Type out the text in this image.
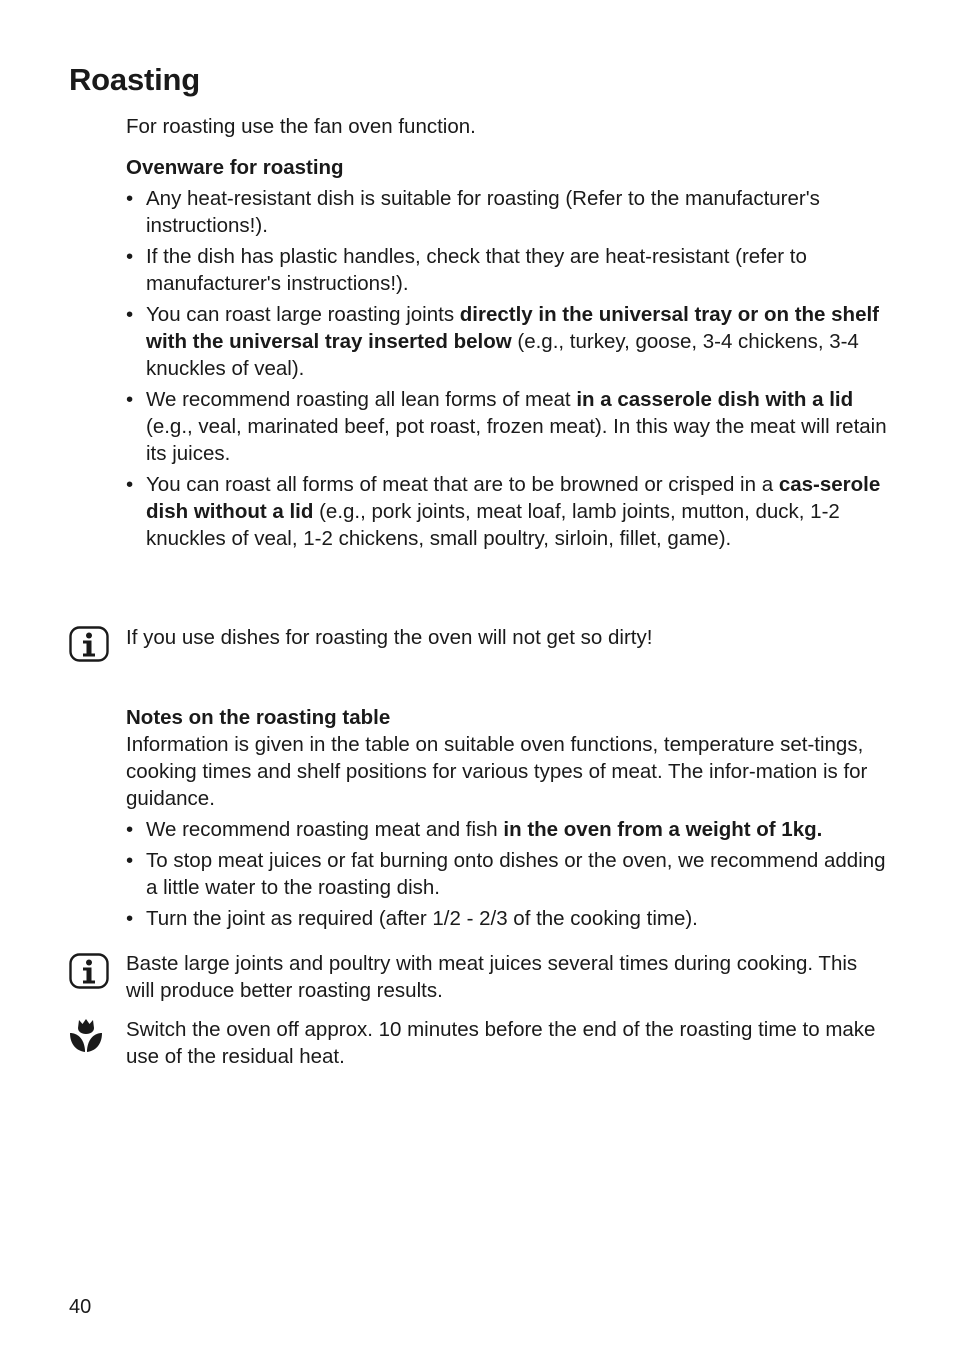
Roasting

For roasting use the fan oven function.

Ovenware for roasting

• Any heat-resistant dish is suitable for roasting (Refer to the manufacturer's instructions!).
• If the dish has plastic handles, check that they are heat-resistant (refer to manufacturer's instructions!).
• You can roast large roasting joints directly in the universal tray or on the shelf with the universal tray inserted below (e.g., turkey, goose, 3-4 chickens, 3-4 knuckles of veal).
• We recommend roasting all lean forms of meat in a casserole dish with a lid (e.g., veal, marinated beef, pot roast, frozen meat). In this way the meat will retain its juices.
• You can roast all forms of meat that are to be browned or crisped in a cas-serole dish without a lid (e.g., pork joints, meat loaf, lamb joints, mutton, duck, 1-2 knuckles of veal, 1-2 chickens, small poultry, sirloin, fillet, game).

If you use dishes for roasting the oven will not get so dirty!

Notes on the roasting table

Information is given in the table on suitable oven functions, temperature set-tings, cooking times and shelf positions for various types of meat. The infor-mation is for guidance.

• We recommend roasting meat and fish in the oven from a weight of 1kg.
• To stop meat juices or fat burning onto dishes or the oven, we recommend adding a little water to the roasting dish.
• Turn the joint as required (after 1/2 - 2/3 of the cooking time).

Baste large joints and poultry with meat juices several times during cooking. This will produce better roasting results.

Switch the oven off approx. 10 minutes before the end of the roasting time to make use of the residual heat.

40
